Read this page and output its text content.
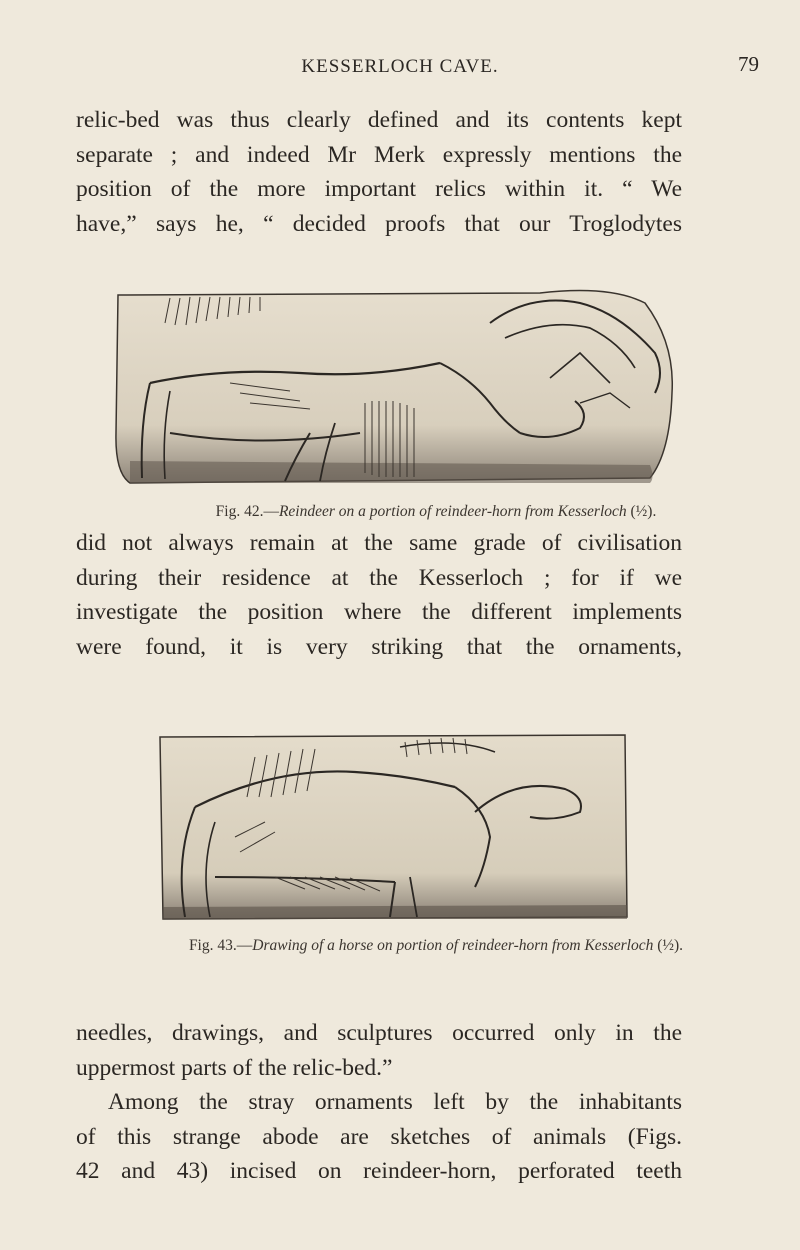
KESSERLOCH CAVE.	79
relic-bed was thus clearly defined and its contents kept
separate ; and indeed Mr Merk expressly mentions the
position of the more important relics within it. “ We
have,” says he, “ decided proofs that our Troglodytes
Fig. 42.—Reindeer on a portion of reindeer-horn from Kesserloch (½).
did not always remain at the same grade of civilisation
during their residence at the Kesserloch ; for if we
investigate the position where the different implements
were found, it is very striking that the ornaments,
Fig. 43.—Drawing of a horse on portion of reindeer-horn from Kesserloch (½).
needles, drawings, and sculptures occurred only in the
uppermost parts of the relic-bed.”
Among the stray ornaments left by the inhabitants
of this strange abode are sketches of animals (Figs.
42 and 43) incised on reindeer-horn, perforated teeth
